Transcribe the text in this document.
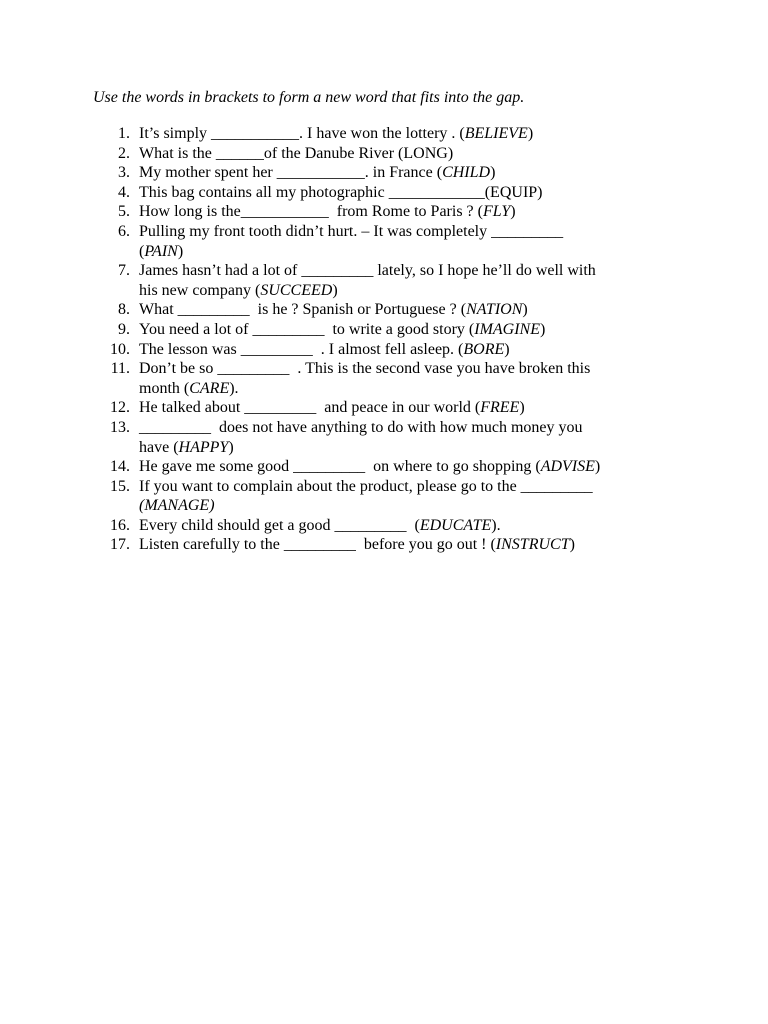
Use the words in brackets to form a new word that fits into the gap.
1. It’s simply ___________. I have won the lottery . (BELIEVE)
2. What is the ______of the Danube River (LONG)
3. My mother spent her ___________. in France (CHILD)
4. This bag contains all my photographic ____________(EQUIP)
5. How long is the___________  from Rome to Paris ? (FLY)
6. Pulling my front tooth didn’t hurt. – It was completely _________
(PAIN)
7. James hasn’t had a lot of _________ lately, so I hope he’ll do well with
his new company (SUCCEED)
8. What _________  is he ? Spanish or Portuguese ? (NATION)
9. You need a lot of _________  to write a good story (IMAGINE)
10. The lesson was _________  . I almost fell asleep. (BORE)
11. Don’t be so _________  . This is the second vase you have broken this
month (CARE).
12. He talked about _________  and peace in our world (FREE)
13. _________  does not have anything to do with how much money you
have (HAPPY)
14. He gave me some good _________  on where to go shopping (ADVISE)
15. If you want to complain about the product, please go to the _________
(MANAGE)
16. Every child should get a good _________  (EDUCATE).
17. Listen carefully to the _________  before you go out ! (INSTRUCT)
